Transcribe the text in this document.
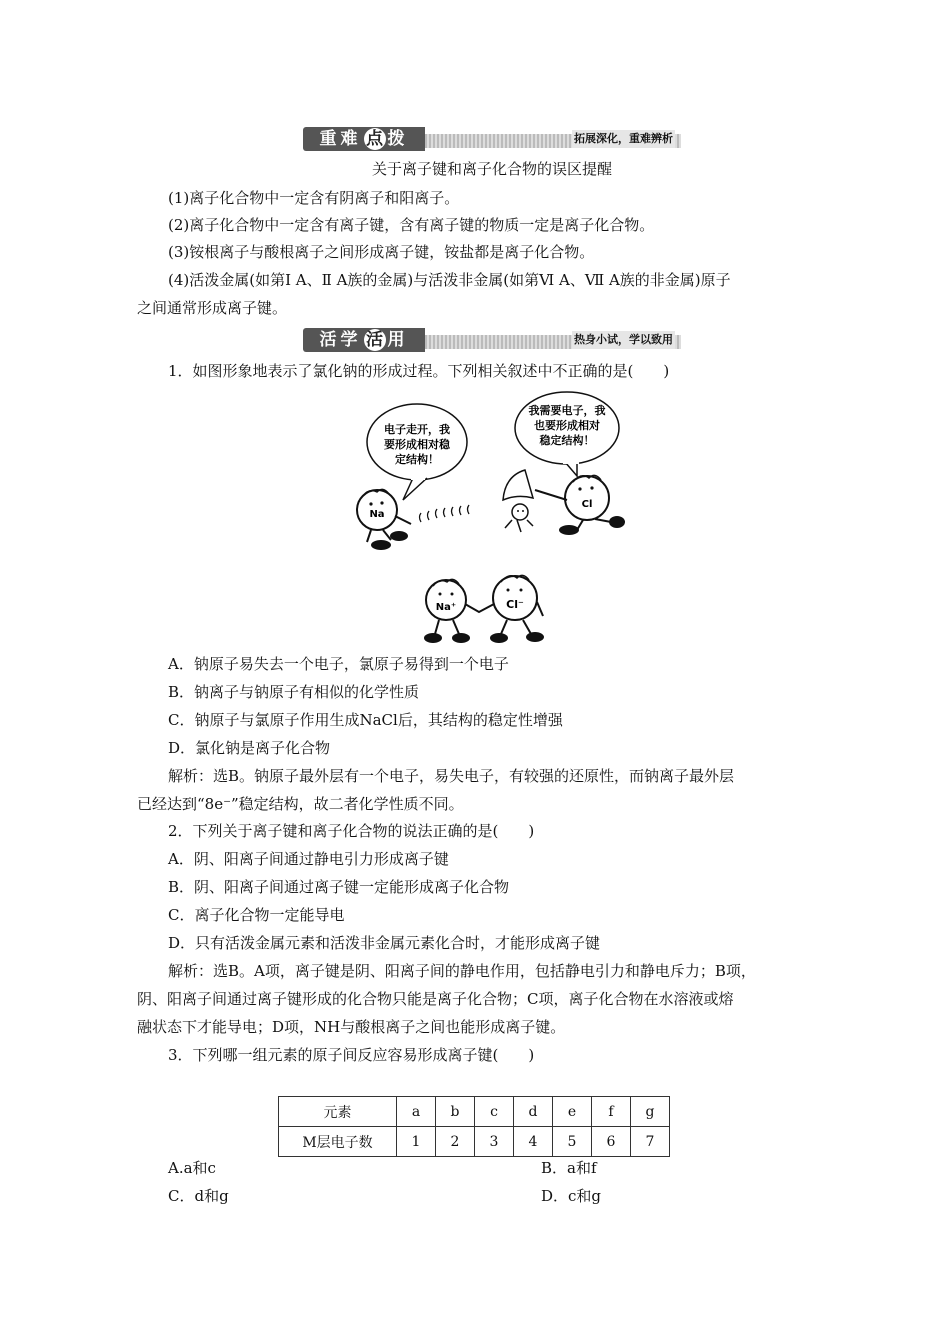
重难 点 拨	拓展深化，重难辨析
关于离子键和离子化合物的误区提醒
(1)离子化合物中一定含有阴离子和阳离子。
(2)离子化合物中一定含有离子键，含有离子键的物质一定是离子化合物。
(3)铵根离子与酸根离子之间形成离子键，铵盐都是离子化合物。
(4)活泼金属(如第Ⅰ A、Ⅱ A族的金属)与活泼非金属(如第Ⅵ A、Ⅶ A族的非金属)原子
之间通常形成离子键。
活学 活 用	热身小试，学以致用
1．如图形象地表示了氯化钠的形成过程。下列相关叙述中不正确的是(　　)
电子走开，我
要形成相对稳
定结构！
我需要电子，我
也要形成相对
稳定结构！
Na
Cl
Na⁺	Cl⁻
A．钠原子易失去一个电子，氯原子易得到一个电子
B．钠离子与钠原子有相似的化学性质
C．钠原子与氯原子作用生成NaCl后，其结构的稳定性增强
D．氯化钠是离子化合物
解析：选B。钠原子最外层有一个电子，易失电子，有较强的还原性，而钠离子最外层
已经达到“8e⁻”稳定结构，故二者化学性质不同。
2．下列关于离子键和离子化合物的说法正确的是(　　)
A．阴、阳离子间通过静电引力形成离子键
B．阴、阳离子间通过离子键一定能形成离子化合物
C．离子化合物一定能导电
D．只有活泼金属元素和活泼非金属元素化合时，才能形成离子键
解析：选B。A项，离子键是阴、阳离子间的静电作用，包括静电引力和静电斥力；B项，
阴、阳离子间通过离子键形成的化合物只能是离子化合物；C项，离子化合物在水溶液或熔
融状态下才能导电；D项，NH与酸根离子之间也能形成离子键。
3．下列哪一组元素的原子间反应容易形成离子键(　　)
元素	a	b	c	d	e	f	g
M层电子数	1	2	3	4	5	6	7
A.a和c	B．a和f
C．d和g	D．c和g
